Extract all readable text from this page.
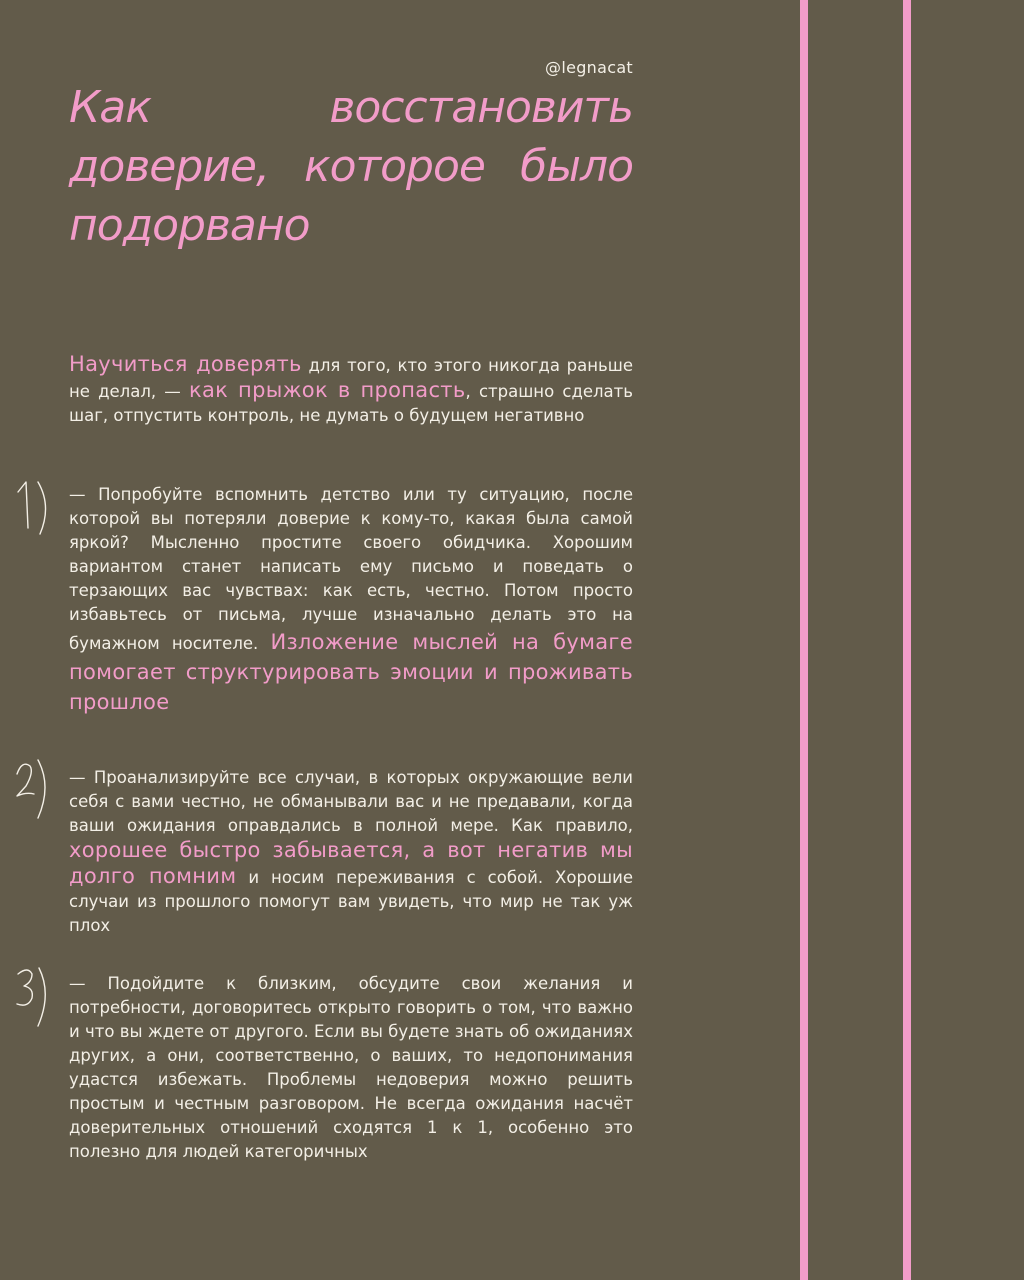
@legnacat
Как восстановить доверие, которое было подорвано

Научиться доверять для того, кто этого никогда раньше не делал, — как прыжок в пропасть, страшно сделать шаг, отпустить контроль, не думать о будущем негативно

— Попробуйте вспомнить детство или ту ситуацию, после которой вы потеряли доверие к кому-то, какая была самой яркой? Мысленно простите своего обидчика. Хорошим вариантом станет написать ему письмо и поведать о терзающих вас чувствах: как есть, честно. Потом просто избавьтесь от письма, лучше изначально делать это на бумажном носителе. Изложение мыслей на бумаге помогает структурировать эмоции и проживать прошлое

— Проанализируйте все случаи, в которых окружающие вели себя с вами честно, не обманывали вас и не предавали, когда ваши ожидания оправдались в полной мере. Как правило, хорошее быстро забывается, а вот негатив мы долго помним и носим переживания с собой. Хорошие случаи из прошлого помогут вам увидеть, что мир не так уж плох

— Подойдите к близким, обсудите свои желания и потребности, договоритесь открыто говорить о том, что важно и что вы ждете от другого. Если вы будете знать об ожиданиях других, а они, соответственно, о ваших, то недопонимания удастся избежать. Проблемы недоверия можно решить простым и честным разговором. Не всегда ожидания насчёт доверительных отношений сходятся 1 к 1, особенно это полезно для людей категоричных
